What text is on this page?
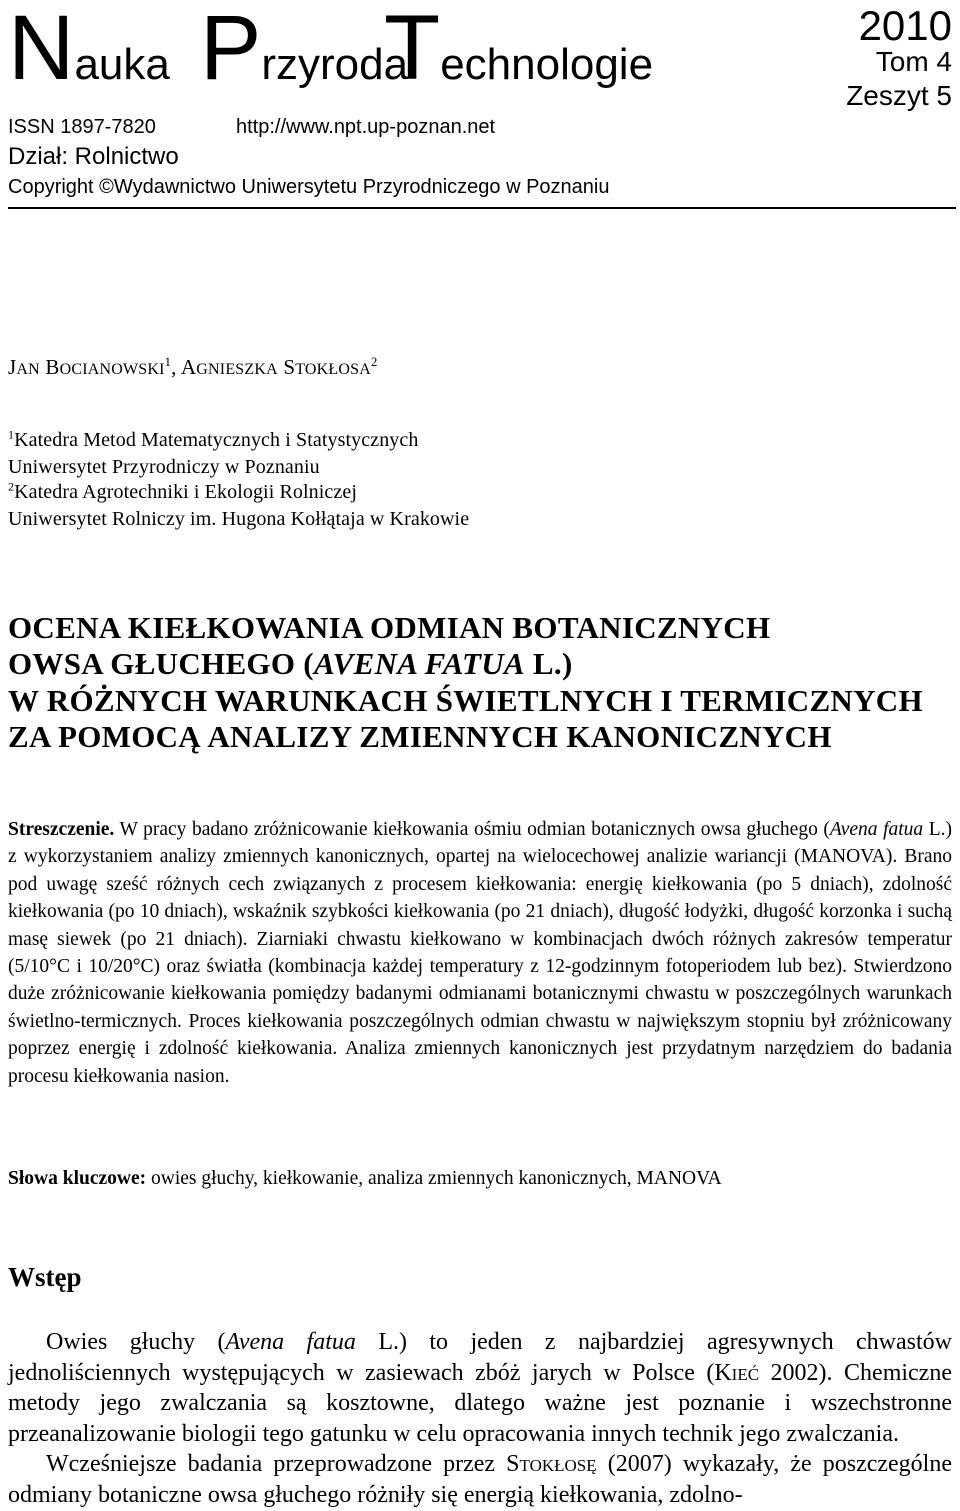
Nauka Przyroda
Technologie
2010
Tom 4
Zeszyt 5
ISSN 1897-7820	http://www.npt.up-poznan.net
Dział: Rolnictwo
Copyright ©Wydawnictwo Uniwersytetu Przyrodniczego w Poznaniu
JAN BOCIANOWSKI$^1$, AGNIESZKA STOKŁOSA$^2$
$^1$Katedra Metod Matematycznych i Statystycznych
Uniwersytet Przyrodniczy w Poznaniu
$^2$Katedra Agrotechniki i Ekologii Rolniczej
Uniwersytet Rolniczy im. Hugona Kołłątaja w Krakowie
OCENA KIEŁKOWANIA ODMIAN BOTANICZNYCH
OWSA GŁUCHEGO (AVENA FATUA L.)
W RÓŻNYCH WARUNKACH ŚWIETLNYCH I TERMICZNYCH
ZA POMOCĄ ANALIZY ZMIENNYCH KANONICZNYCH
Streszczenie. W pracy badano zróżnicowanie kiełkowania ośmiu odmian botanicznych owsa głuchego (Avena fatua L.) z wykorzystaniem analizy zmiennych kanonicznych, opartej na wielocechowej analizie wariancji (MANOVA). Brano pod uwagę sześć różnych cech związanych z procesem kiełkowania: energię kiełkowania (po 5 dniach), zdolność kiełkowania (po 10 dniach), wskaźnik szybkości kiełkowania (po 21 dniach), długość łodyżki, długość korzonka i suchą masę siewek (po 21 dniach). Ziarniaki chwastu kiełkowano w kombinacjach dwóch różnych zakresów temperatur (5/10°C i 10/20°C) oraz światła (kombinacja każdej temperatury z 12-godzinnym fotoperiodem lub bez). Stwierdzono duże zróżnicowanie kiełkowania pomiędzy badanymi odmianami botanicznymi chwastu w poszczególnych warunkach świetlno-termicznych. Proces kiełkowania poszczególnych odmian chwastu w największym stopniu był zróżnicowany poprzez energię i zdolność kiełkowania. Analiza zmiennych kanonicznych jest przydatnym narzędziem do badania procesu kiełkowania nasion.
Słowa kluczowe: owies głuchy, kiełkowanie, analiza zmiennych kanonicznych, MANOVA
Wstęp

Owies głuchy (Avena fatua L.) to jeden z najbardziej agresywnych chwastów jednoliściennych występujących w zasiewach zbóż jarych w Polsce (Kieć 2002). Chemiczne metody jego zwalczania są kosztowne, dlatego ważne jest poznanie i wszechstronne przeanalizowanie biologii tego gatunku w celu opracowania innych technik jego zwalczania.

Wcześniejsze badania przeprowadzone przez Stokłosę (2007) wykazały, że poszczególne odmiany botaniczne owsa głuchego różniły się energią kiełkowania, zdolno-
